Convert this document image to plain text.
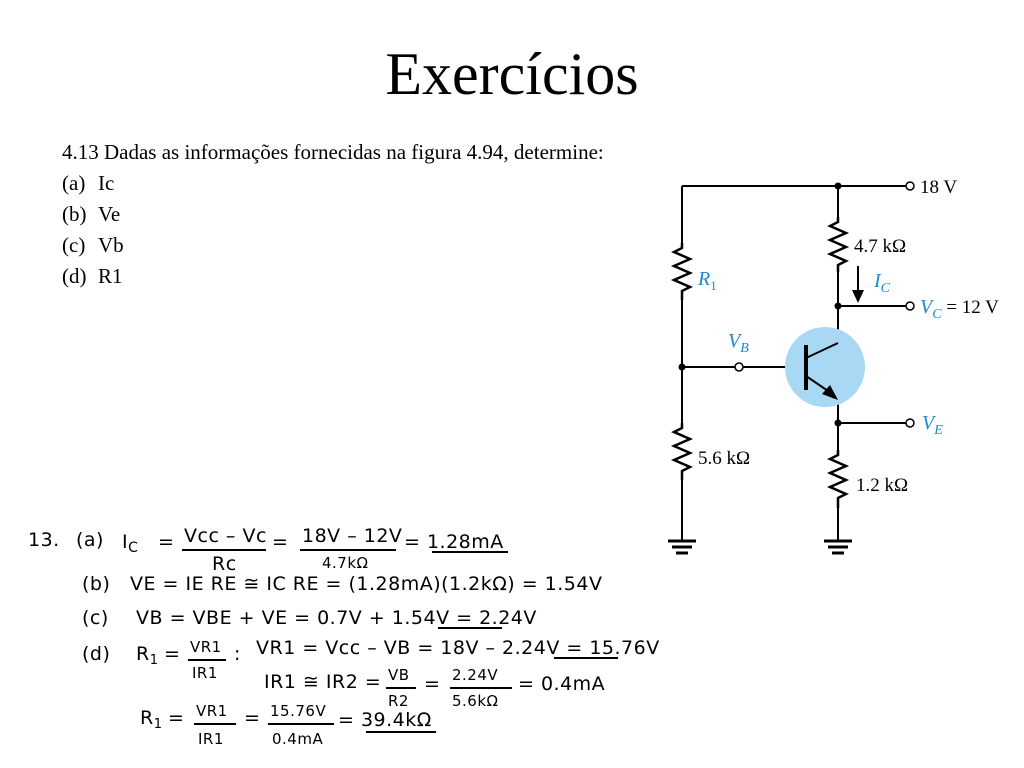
Exercícios
4.13 Dadas as informações fornecidas na figura 4.94, determine:
(a) Ic
(b) Ve
(c) Vb
(d) R1
18 V
4.7 kΩ
$R_1$	$I_C$
$V_C = 12$ V
$V_B$
$V_E$
5.6 kΩ
1.2 kΩ
13. (a) $I_C$ = Vcc – Vc
Rc
= 18V – 12V
4.7kΩ
= 1.28mA
(b) VE = IE RE ≅ IC RE = (1.28mA)(1.2kΩ) = 1.54V
(c) VB = VBE + VE = 0.7V + 1.54V = 2.24V
(d) $R_1 = VR1$
IR1
: VR1 = Vcc – VB = 18V – 2.24V = 15.76V
IR1 ≅ IR2 = VB
R2
= 2.24V
5.6kΩ
= 0.4mA
$R_1 = VR1$
IR1
= 15.76V
0.4mA
= 39.4kΩ
